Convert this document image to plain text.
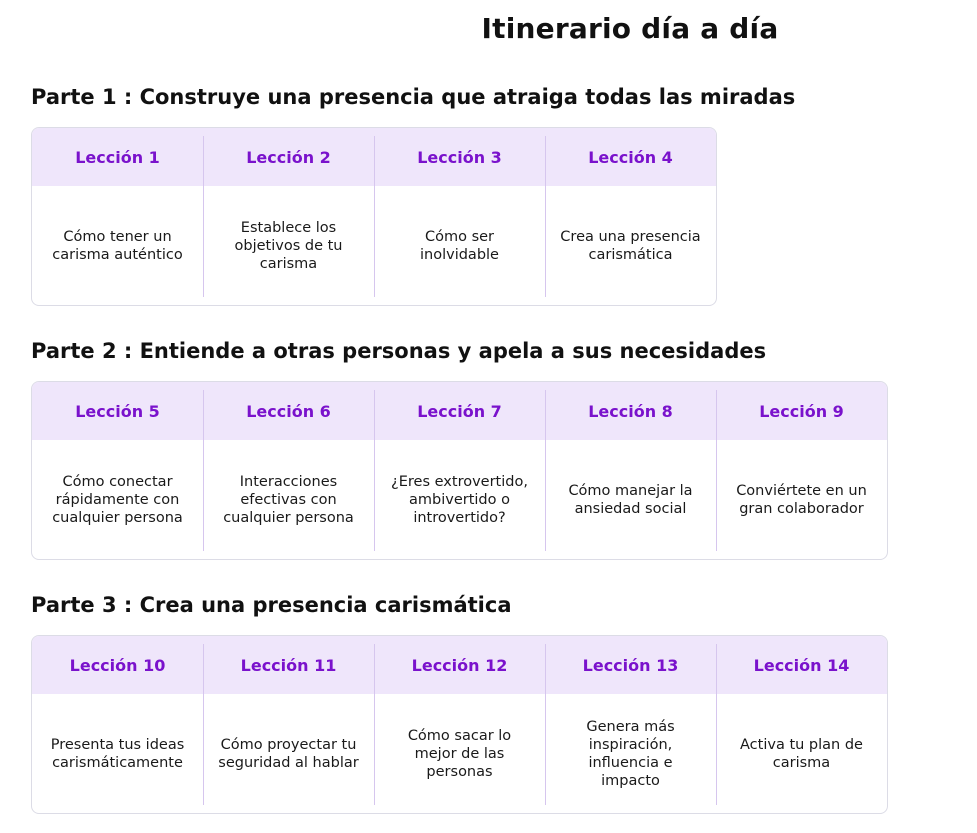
Itinerario día a día
Parte 1 : Construye una presencia que atraiga todas las miradas
Lección 1
Cómo tener un carisma auténtico
Lección 2
Establece los objetivos de tu carisma
Lección 3
Cómo ser inolvidable
Lección 4
Crea una presencia carismática
Parte 2 : Entiende a otras personas y apela a sus necesidades
Lección 5
Cómo conectar rápidamente con cualquier persona
Lección 6
Interacciones efectivas con cualquier persona
Lección 7
¿Eres extrovertido, ambivertido o introvertido?
Lección 8
Cómo manejar la ansiedad social
Lección 9
Conviértete en un gran colaborador
Parte 3 : Crea una presencia carismática
Lección 10
Presenta tus ideas carismáticamente
Lección 11
Cómo proyectar tu seguridad al hablar
Lección 12
Cómo sacar lo mejor de las personas
Lección 13
Genera más inspiración, influencia e impacto
Lección 14
Activa tu plan de carisma
